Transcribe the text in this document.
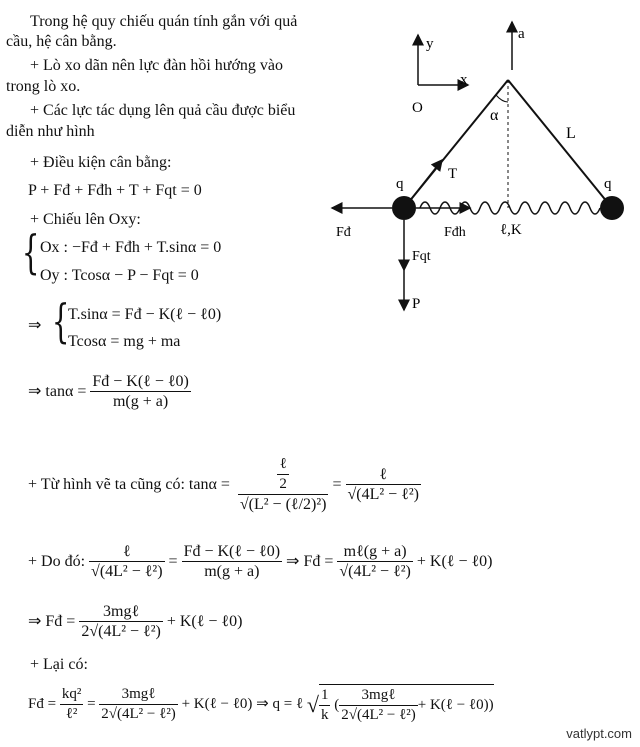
Trong hệ quy chiếu quán tính gắn với quả
cầu, hệ cân bằng.
+ Lò xo dãn nên lực đàn hồi hướng vào
trong lò xo.
+ Các lực tác dụng lên quả cầu được biểu
diễn như hình
+ Điều kiện cân bằng:
P + Fđ + Fđh + T + Fqt = 0
+ Chiếu lên Oxy:
{ Ox : −Fđ + Fđh + T.sinα = 0
Oy : Tcosα − P − Fqt = 0
⇒ {
T.sinα = Fđ − K(ℓ − ℓ0)
Tcosα = mg + ma
⇒ $\tan\alpha = \frac{\text{Fđ − K(ℓ − ℓ0)}}{m(g + a)}$
+ Từ hình vẽ ta cũng có: $\tan\alpha = \frac{\frac{\text{ℓ}}{2}}{\text{√(L² − (ℓ/2)²)}} = \frac{\text{ℓ}}{\text{√(4L² − ℓ²)}}$
+ Do đó: $\frac{\text{ℓ}}{\text{√(4L² − ℓ²)}} = \frac{\text{Fđ − K(ℓ − ℓ0)}}{m(g + a)}$ ⇒ Fđ = $\frac{\text{mℓ(g + a)}}{\text{√(4L² − ℓ²)}}$ + K(ℓ − ℓ0)
⇒ Fđ = $\frac{\text{3mgℓ}}{\text{2√(4L² − ℓ²)}}$ + K(ℓ − ℓ0)
+ Lại có:
Fđ = $\frac{\text{kq²}}{\text{ℓ²}} = \frac{\text{3mgℓ}}{\text{2√(4L² − ℓ²)}}$ + K(ℓ − ℓ0) ⇒ q = ℓ √ $\frac{1}{k}$ ( $\frac{\text{3mgℓ}}{\text{2√(4L² − ℓ²)}}$ + K(ℓ − ℓ0))
y
x
O
a
α
L
T
q	q
Fđ	Fđh ℓ,K
Fqt
P
vatlypt.com
